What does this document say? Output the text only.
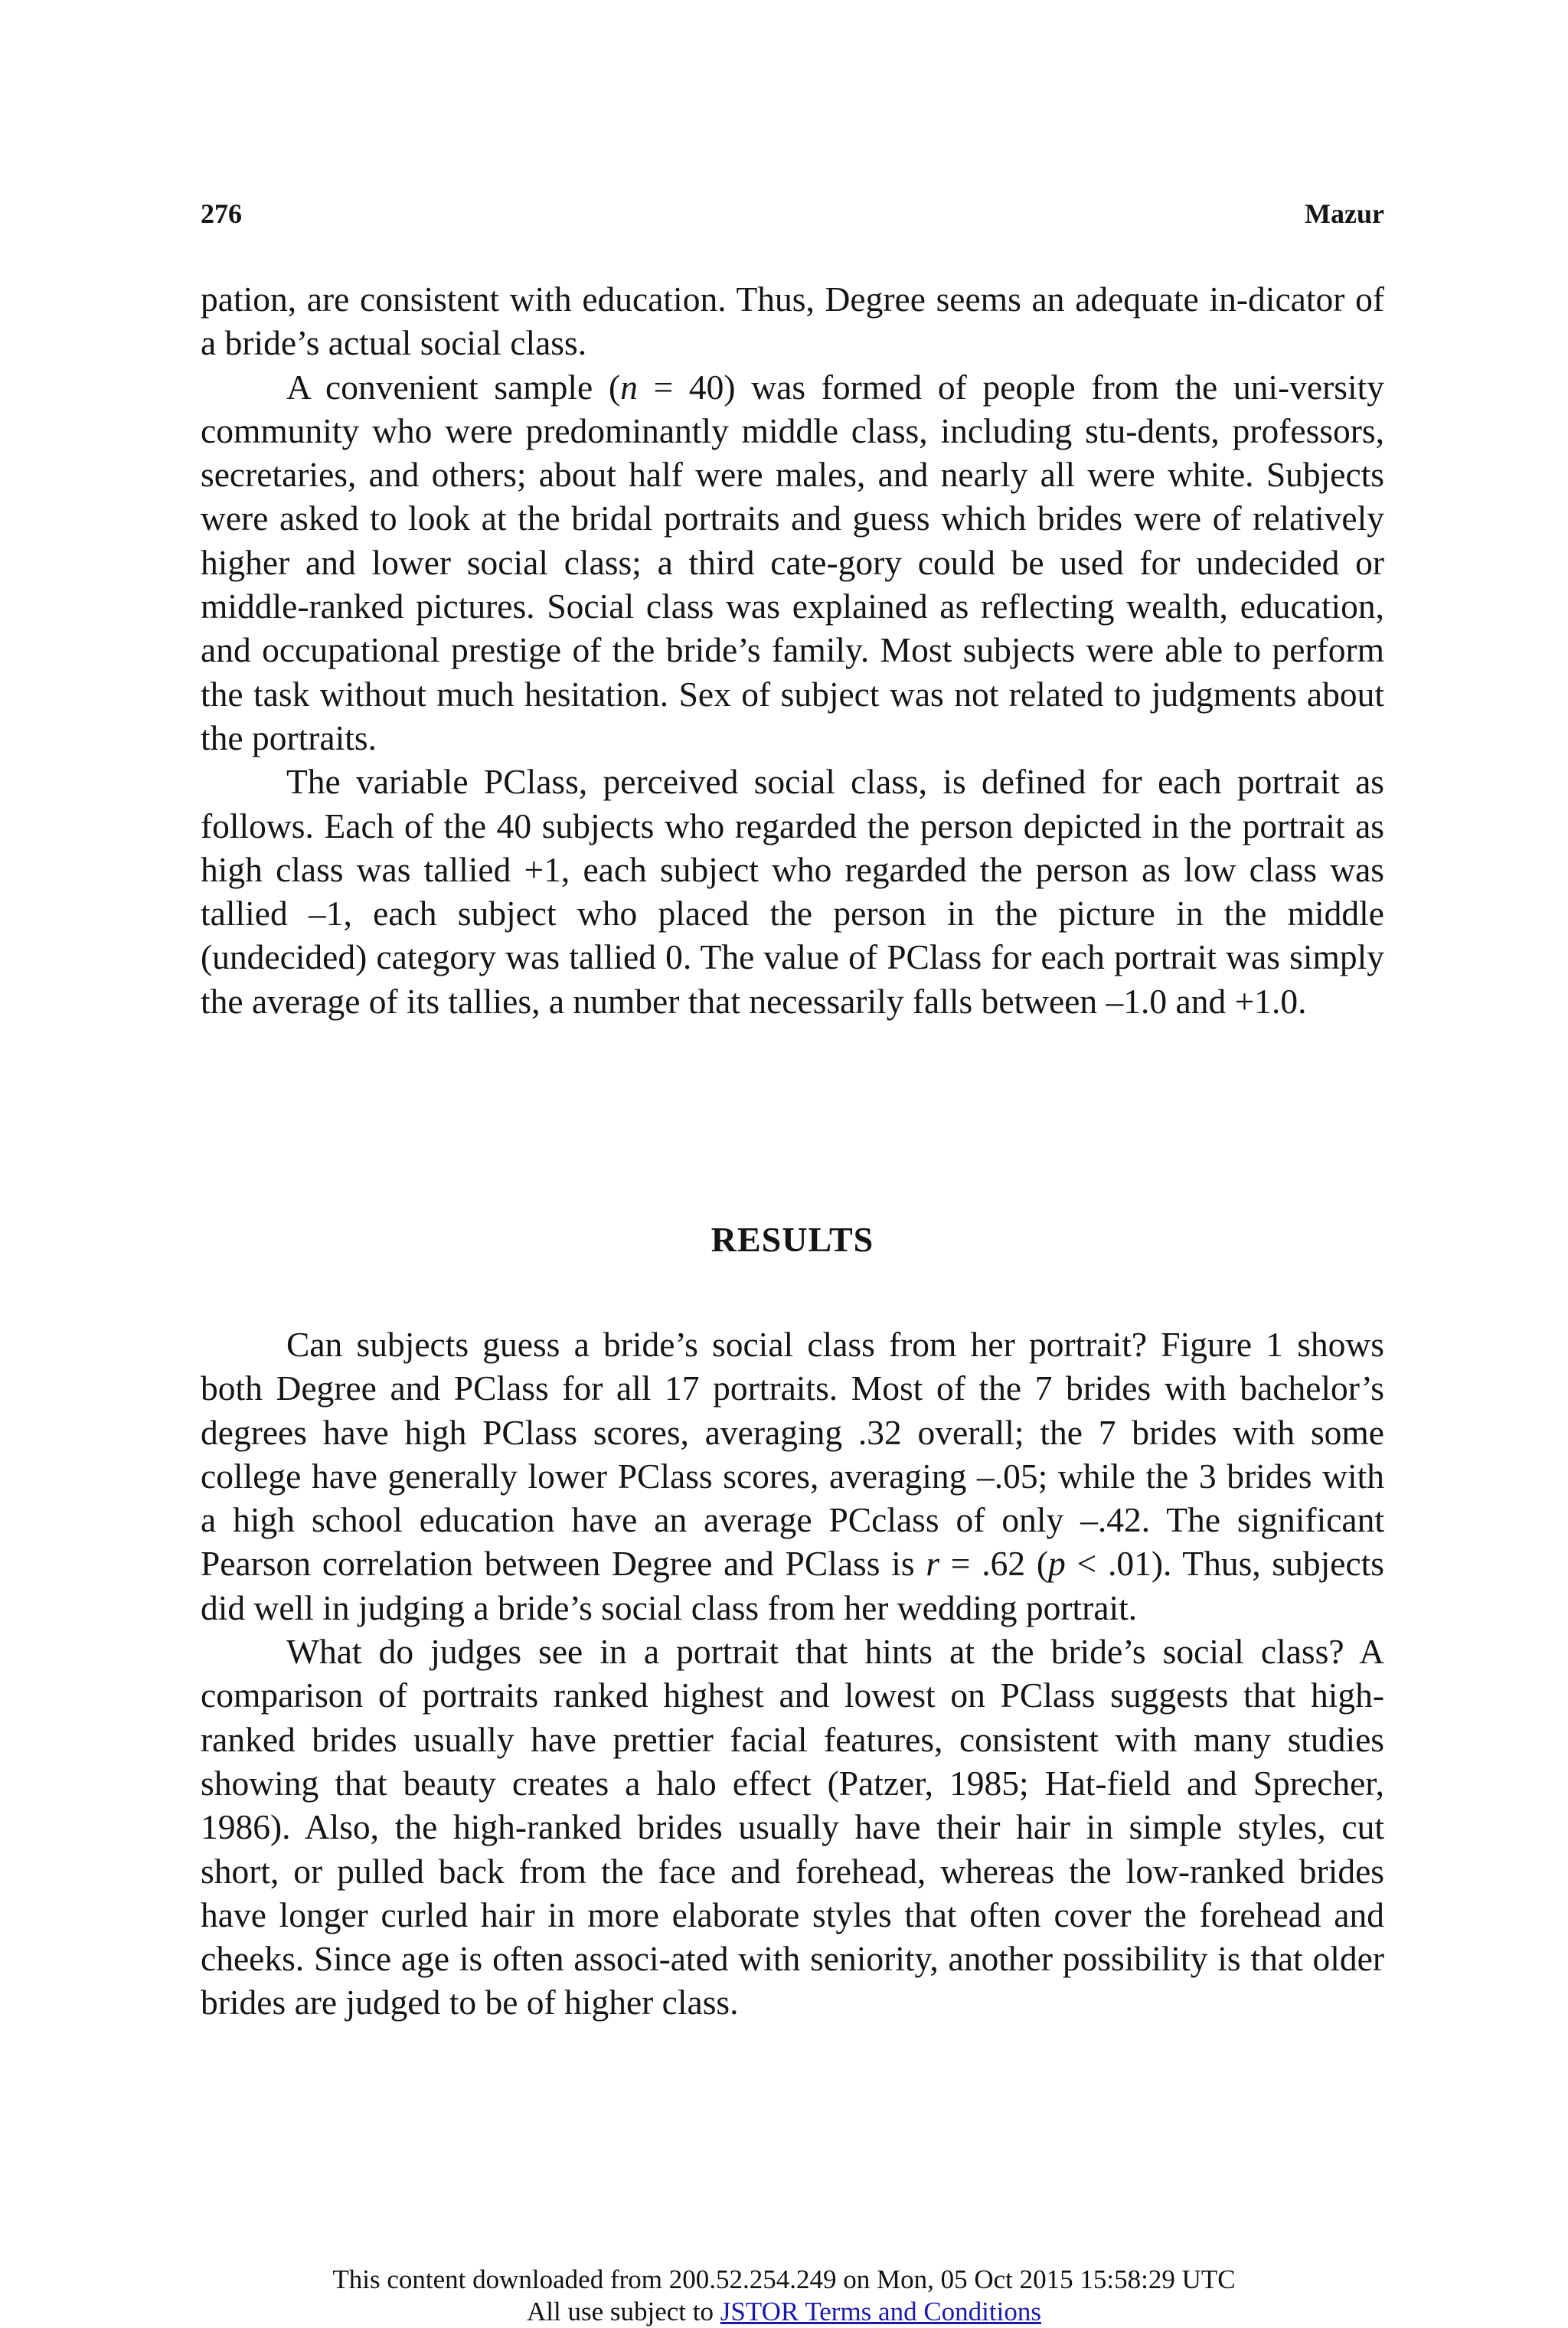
276	Mazur

pation, are consistent with education. Thus, Degree seems an adequate in-dicator of a bride’s actual social class.

A convenient sample (n = 40) was formed of people from the uni-versity community who were predominantly middle class, including stu-dents, professors, secretaries, and others; about half were males, and nearly all were white. Subjects were asked to look at the bridal portraits and guess which brides were of relatively higher and lower social class; a third cate-gory could be used for undecided or middle-ranked pictures. Social class was explained as reflecting wealth, education, and occupational prestige of the bride’s family. Most subjects were able to perform the task without much hesitation. Sex of subject was not related to judgments about the portraits.

The variable PClass, perceived social class, is defined for each portrait as follows. Each of the 40 subjects who regarded the person depicted in the portrait as high class was tallied +1, each subject who regarded the person as low class was tallied –1, each subject who placed the person in the picture in the middle (undecided) category was tallied 0. The value of PClass for each portrait was simply the average of its tallies, a number that necessarily falls between –1.0 and +1.0.

RESULTS

Can subjects guess a bride’s social class from her portrait? Figure 1 shows both Degree and PClass for all 17 portraits. Most of the 7 brides with bachelor’s degrees have high PClass scores, averaging .32 overall; the 7 brides with some college have generally lower PClass scores, averaging –.05; while the 3 brides with a high school education have an average PCclass of only –.42. The significant Pearson correlation between Degree and PClass is r = .62 (p < .01). Thus, subjects did well in judging a bride’s social class from her wedding portrait.

What do judges see in a portrait that hints at the bride’s social class? A comparison of portraits ranked highest and lowest on PClass suggests that high-ranked brides usually have prettier facial features, consistent with many studies showing that beauty creates a halo effect (Patzer, 1985; Hat-field and Sprecher, 1986). Also, the high-ranked brides usually have their hair in simple styles, cut short, or pulled back from the face and forehead, whereas the low-ranked brides have longer curled hair in more elaborate styles that often cover the forehead and cheeks. Since age is often associ-ated with seniority, another possibility is that older brides are judged to be of higher class.

This content downloaded from 200.52.254.249 on Mon, 05 Oct 2015 15:58:29 UTC
All use subject to JSTOR Terms and Conditions
